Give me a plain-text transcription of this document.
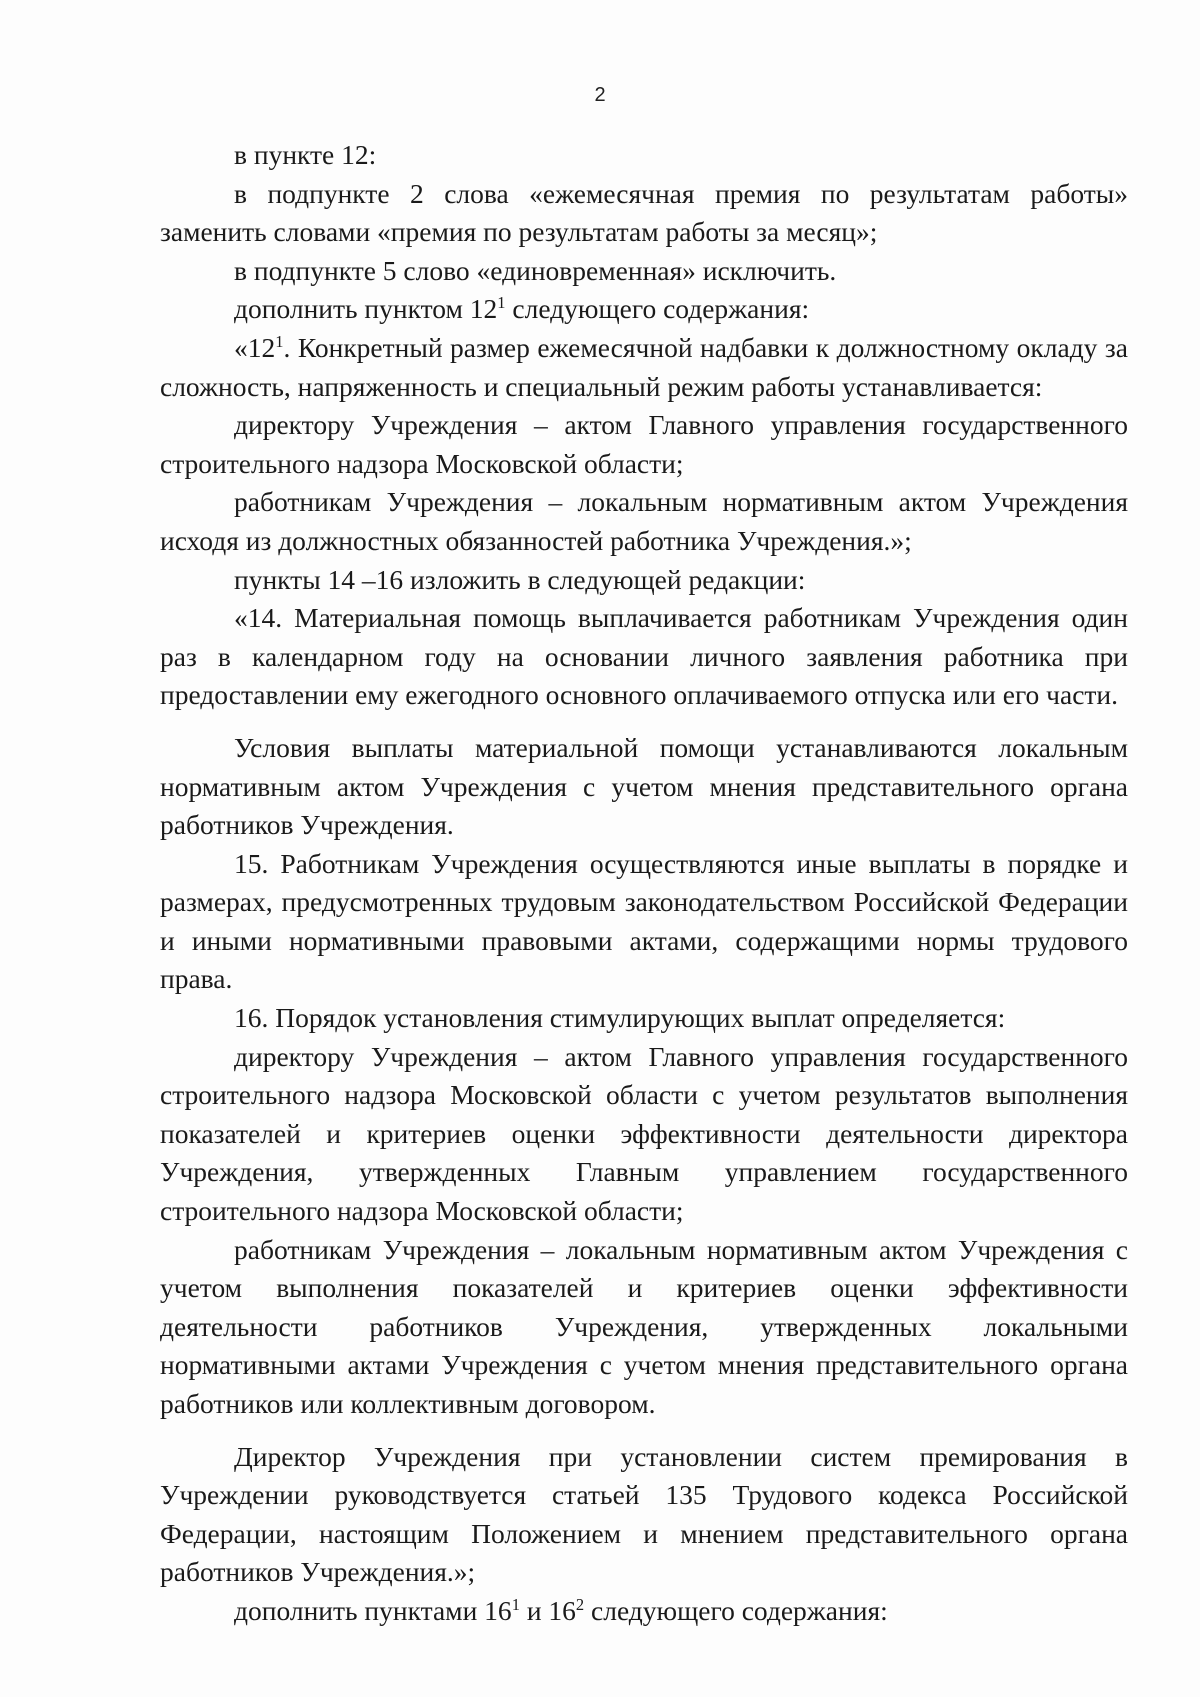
2

в пункте 12:

в подпункте 2 слова «ежемесячная премия по результатам работы» заменить словами «премия по результатам работы за месяц»;

в подпункте 5 слово «единовременная» исключить.

дополнить пунктом $12^1$ следующего содержания:

«$12^1$. Конкретный размер ежемесячной надбавки к должностному окладу за сложность, напряженность и специальный режим работы устанавливается:

директору Учреждения – актом Главного управления государственного строительного надзора Московской области;

работникам Учреждения – локальным нормативным актом Учреждения исходя из должностных обязанностей работника Учреждения.»;

пункты 14 –16 изложить в следующей редакции:

«14. Материальная помощь выплачивается работникам Учреждения один раз в календарном году на основании личного заявления работника при предоставлении ему ежегодного основного оплачиваемого отпуска или его части.

Условия выплаты материальной помощи устанавливаются локальным нормативным актом Учреждения с учетом мнения представительного органа работников Учреждения.

15. Работникам Учреждения осуществляются иные выплаты в порядке и размерах, предусмотренных трудовым законодательством Российской Федерации и иными нормативными правовыми актами, содержащими нормы трудового права.

16. Порядок установления стимулирующих выплат определяется:

директору Учреждения – актом Главного управления государственного строительного надзора Московской области с учетом результатов выполнения показателей и критериев оценки эффективности деятельности директора Учреждения, утвержденных Главным управлением государственного строительного надзора Московской области;

работникам Учреждения – локальным нормативным актом Учреждения с учетом выполнения показателей и критериев оценки эффективности деятельности работников Учреждения, утвержденных локальными нормативными актами Учреждения с учетом мнения представительного органа работников или коллективным договором.

Директор Учреждения при установлении систем премирования в Учреждении руководствуется статьей 135 Трудового кодекса Российской Федерации, настоящим Положением и мнением представительного органа работников Учреждения.»;

дополнить пунктами $16^1$ и $16^2$ следующего содержания:
